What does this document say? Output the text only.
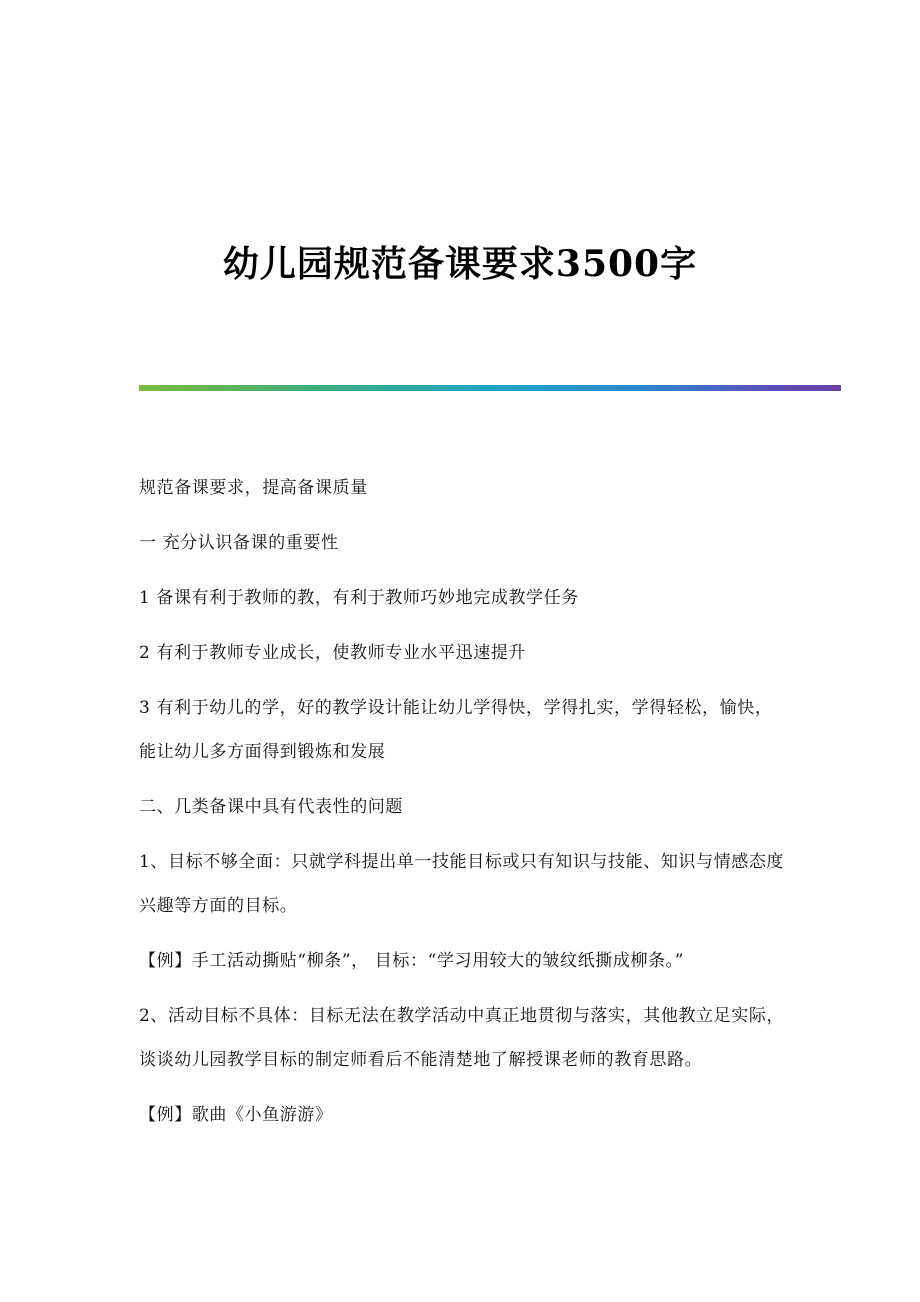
幼儿园规范备课要求3500字

规范备课要求，提高备课质量

一 充分认识备课的重要性

1 备课有利于教师的教，有利于教师巧妙地完成教学任务

2 有利于教师专业成长，使教师专业水平迅速提升

3 有利于幼儿的学，好的教学设计能让幼儿学得快，学得扎实，学得轻松，愉快，能让幼儿多方面得到锻炼和发展

二、几类备课中具有代表性的问题

1、目标不够全面：只就学科提出单一技能目标或只有知识与技能、知识与情感态度兴趣等方面的目标。

【例】手工活动撕贴“柳条”， 目标：“学习用较大的皱纹纸撕成柳条。”

2、活动目标不具体：目标无法在教学活动中真正地贯彻与落实，其他教立足实际，谈谈幼儿园教学目标的制定师看后不能清楚地了解授课老师的教育思路。

【例】歌曲《小鱼游游》
